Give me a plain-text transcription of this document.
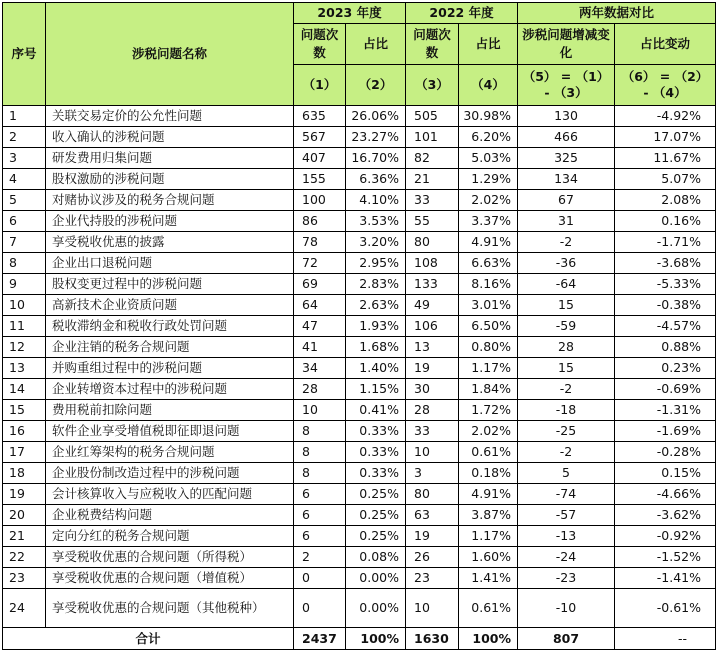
序号	涉税问题名称	2023 年度		2022 年度		两年数据对比	
		问题次数	占比	问题次数	占比	涉税问题增减变化	占比变动
		（1）	（2）	（3）	（4）	（5） = （1） - （3）	（6） = （2） - （4）
1	关联交易定价的公允性问题	635	26.06%	505	30.98%	130	-4.92%
2	收入确认的涉税问题	567	23.27%	101	6.20%	466	17.07%
3	研发费用归集问题	407	16.70%	82	5.03%	325	11.67%
4	股权激励的涉税问题	155	6.36%	21	1.29%	134	5.07%
5	对赌协议涉及的税务合规问题	100	4.10%	33	2.02%	67	2.08%
6	企业代持股的涉税问题	86	3.53%	55	3.37%	31	0.16%
7	享受税收优惠的披露	78	3.20%	80	4.91%	-2	-1.71%
8	企业出口退税问题	72	2.95%	108	6.63%	-36	-3.68%
9	股权变更过程中的涉税问题	69	2.83%	133	8.16%	-64	-5.33%
10	高新技术企业资质问题	64	2.63%	49	3.01%	15	-0.38%
11	税收滞纳金和税收行政处罚问题	47	1.93%	106	6.50%	-59	-4.57%
12	企业注销的税务合规问题	41	1.68%	13	0.80%	28	0.88%
13	并购重组过程中的涉税问题	34	1.40%	19	1.17%	15	0.23%
14	企业转增资本过程中的涉税问题	28	1.15%	30	1.84%	-2	-0.69%
15	费用税前扣除问题	10	0.41%	28	1.72%	-18	-1.31%
16	软件企业享受增值税即征即退问题	8	0.33%	33	2.02%	-25	-1.69%
17	企业红筹架构的税务合规问题	8	0.33%	10	0.61%	-2	-0.28%
18	企业股份制改造过程中的涉税问题	8	0.33%	3	0.18%	5	0.15%
19	会计核算收入与应税收入的匹配问题	6	0.25%	80	4.91%	-74	-4.66%
20	企业税费结构问题	6	0.25%	63	3.87%	-57	-3.62%
21	定向分红的税务合规问题	6	0.25%	19	1.17%	-13	-0.92%
22	享受税收优惠的合规问题（所得税）	2	0.08%	26	1.60%	-24	-1.52%
23	享受税收优惠的合规问题（增值税）	0	0.00%	23	1.41%	-23	-1.41%
24	享受税收优惠的合规问题（其他税种）	0	0.00%	10	0.61%	-10	-0.61%
合计		2437	100%	1630	100%	807	--
